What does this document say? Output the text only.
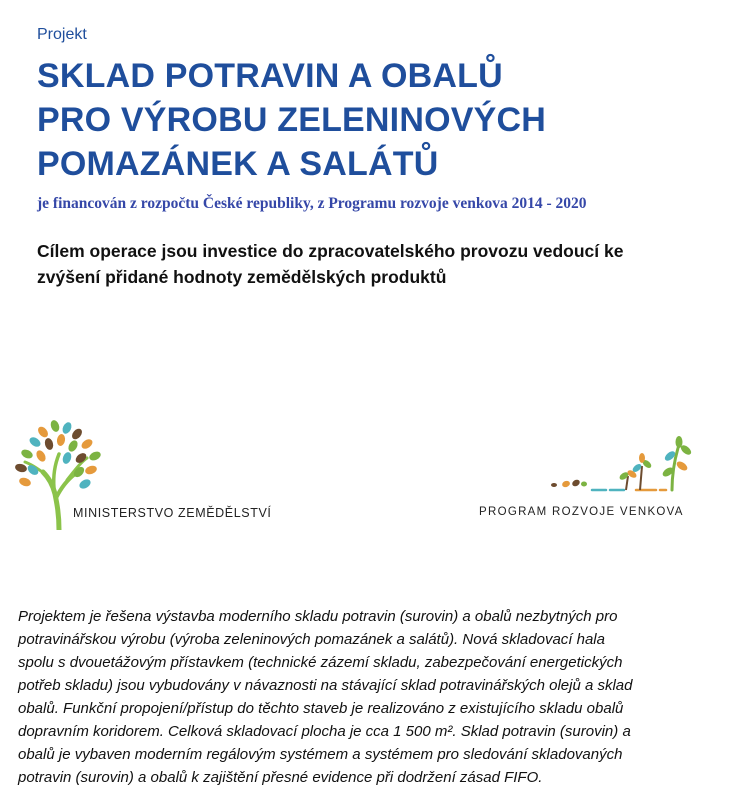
Projekt
SKLAD POTRAVIN A OBALŮ
PRO VÝROBU ZELENINOVÝCH
POMAZÁNEK A SALÁTŮ
je financován z rozpočtu České republiky, z Programu rozvoje venkova 2014 - 2020
Cílem operace jsou investice do zpracovatelského provozu vedoucí ke
zvýšení přidané hodnoty zemědělských produktů
MINISTERSTVO ZEMĚDĚLSTVÍ	PROGRAM ROZVOJE VENKOVA

Projektem je řešena výstavba moderního skladu potravin (surovin) a obalů nezbytných pro
potravinářskou výrobu (výroba zeleninových pomazánek a salátů). Nová skladovací hala
spolu s dvouetážovým přístavkem (technické zázemí skladu, zabezpečování energetických
potřeb skladu) jsou vybudovány v návaznosti na stávající sklad potravinářských olejů a sklad
obalů. Funkční propojení/přístup do těchto staveb je realizováno z existujícího skladu obalů
dopravním koridorem. Celková skladovací plocha je cca 1 500 m². Sklad potravin (surovin) a
obalů je vybaven moderním regálovým systémem a systémem pro sledování skladovaných
potravin (surovin) a obalů k zajištění přesné evidence při dodržení zásad FIFO.
